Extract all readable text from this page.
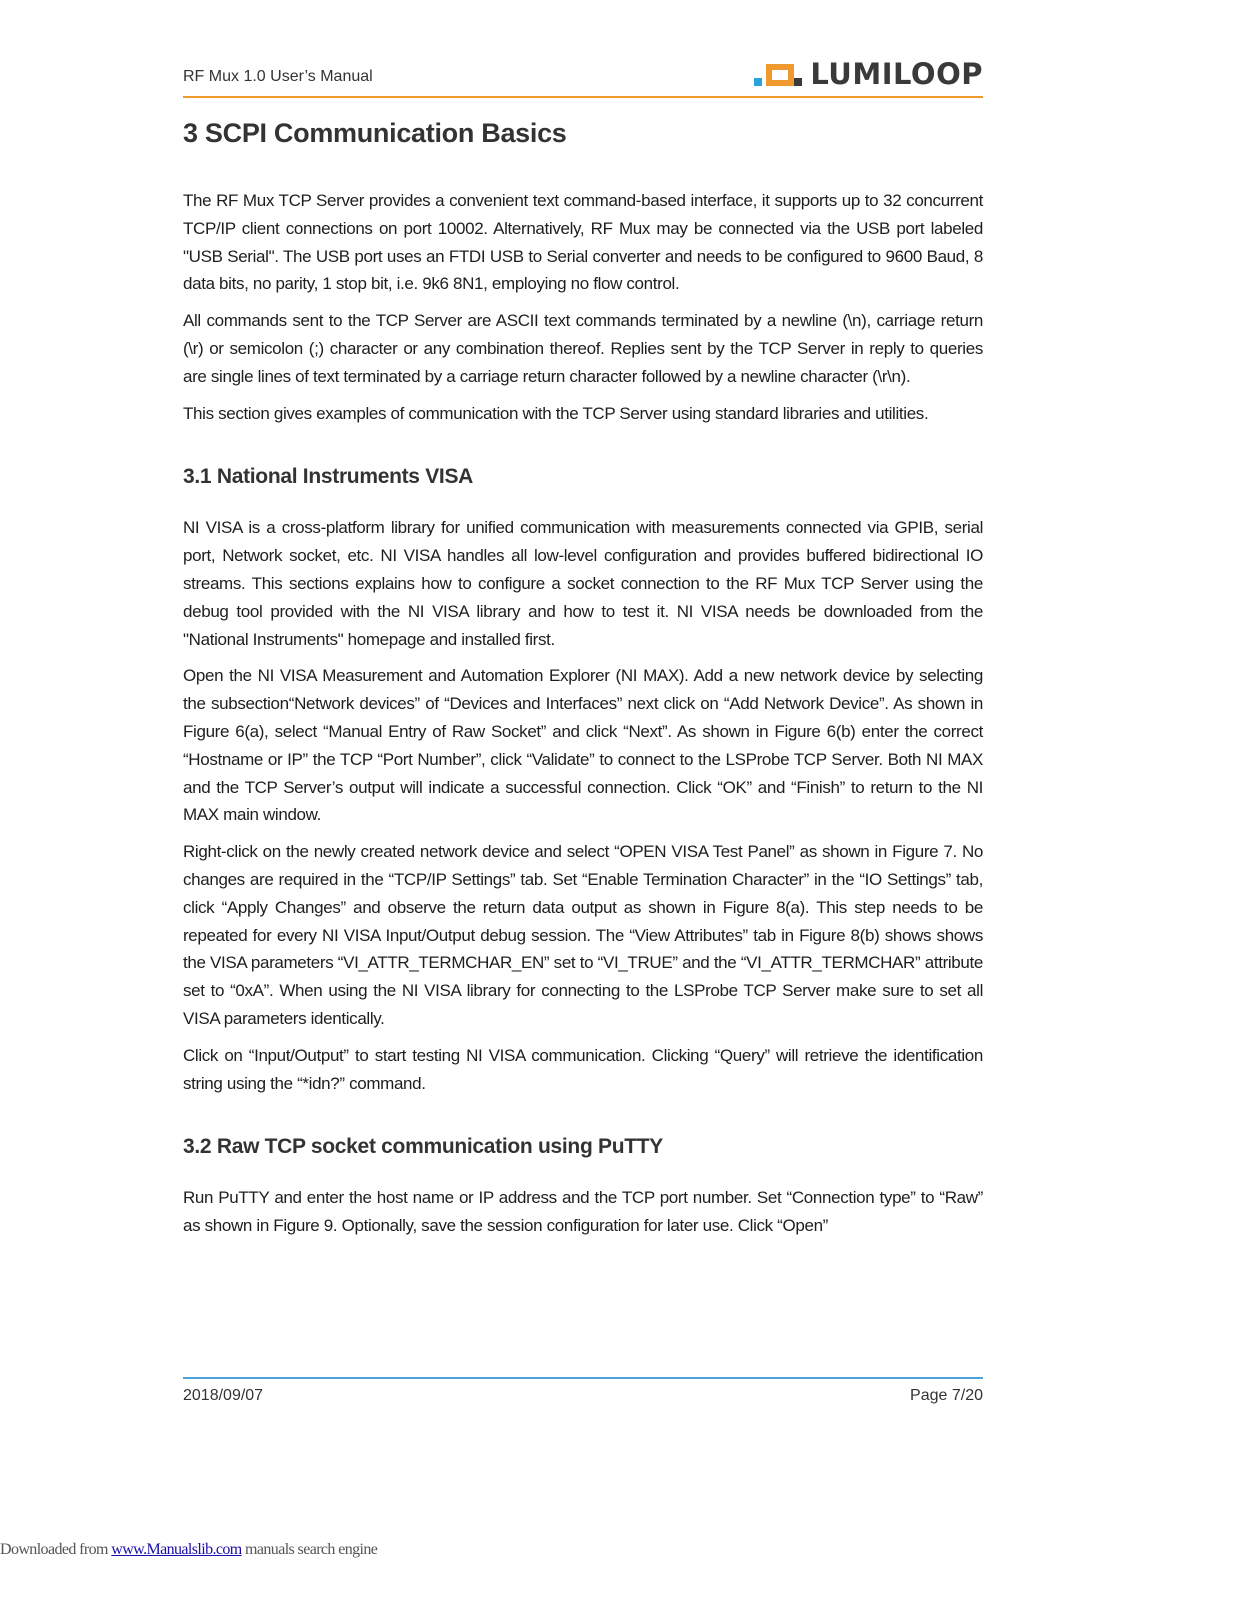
RF Mux 1.0 User’s Manual	LUMILOOP
3 SCPI Communication Basics

The RF Mux TCP Server provides a convenient text command-based interface, it supports up to 32 concurrent TCP/IP client connections on port 10002. Alternatively, RF Mux may be connected via the USB port labeled "USB Serial". The USB port uses an FTDI USB to Serial converter and needs to be configured to 9600 Baud, 8 data bits, no parity, 1 stop bit, i.e. 9k6 8N1, employing no flow control.

All commands sent to the TCP Server are ASCII text commands terminated by a newline (\n), carriage return (\r) or semicolon (;) character or any combination thereof. Replies sent by the TCP Server in reply to queries are single lines of text terminated by a carriage return character followed by a newline character (\r\n).

This section gives examples of communication with the TCP Server using standard libraries and utilities.

3.1 National Instruments VISA

NI VISA is a cross-platform library for unified communication with measurements connected via GPIB, serial port, Network socket, etc. NI VISA handles all low-level configuration and provides buffered bidirectional IO streams. This sections explains how to configure a socket connection to the RF Mux TCP Server using the debug tool provided with the NI VISA library and how to test it. NI VISA needs be downloaded from the "National Instruments" homepage and installed first.

Open the NI VISA Measurement and Automation Explorer (NI MAX). Add a new network device by selecting the subsection“Network devices” of “Devices and Interfaces” next click on “Add Network Device”. As shown in Figure 6(a), select “Manual Entry of Raw Socket” and click “Next”. As shown in Figure 6(b) enter the correct “Hostname or IP” the TCP “Port Number”, click “Validate” to connect to the LSProbe TCP Server. Both NI MAX and the TCP Server’s output will indicate a successful connection. Click “OK” and “Finish” to return to the NI MAX main window.

Right-click on the newly created network device and select “OPEN VISA Test Panel” as shown in Figure 7. No changes are required in the “TCP/IP Settings” tab. Set “Enable Termination Character” in the “IO Settings” tab, click “Apply Changes” and observe the return data output as shown in Figure 8(a). This step needs to be repeated for every NI VISA Input/Output debug session. The “View Attributes” tab in Figure 8(b) shows shows the VISA parameters “VI_ATTR_TERMCHAR_EN” set to “VI_TRUE” and the “VI_ATTR_TERMCHAR” attribute set to “0xA”. When using the NI VISA library for connecting to the LSProbe TCP Server make sure to set all VISA parameters identically.

Click on “Input/Output” to start testing NI VISA communication. Clicking “Query” will retrieve the identification string using the “*idn?” command.

3.2 Raw TCP socket communication using PuTTY

Run PuTTY and enter the host name or IP address and the TCP port number. Set “Connection type” to “Raw” as shown in Figure 9. Optionally, save the session configuration for later use. Click “Open”

2018/09/07	Page 7/20
Downloaded from www.Manualslib.com manuals search engine
